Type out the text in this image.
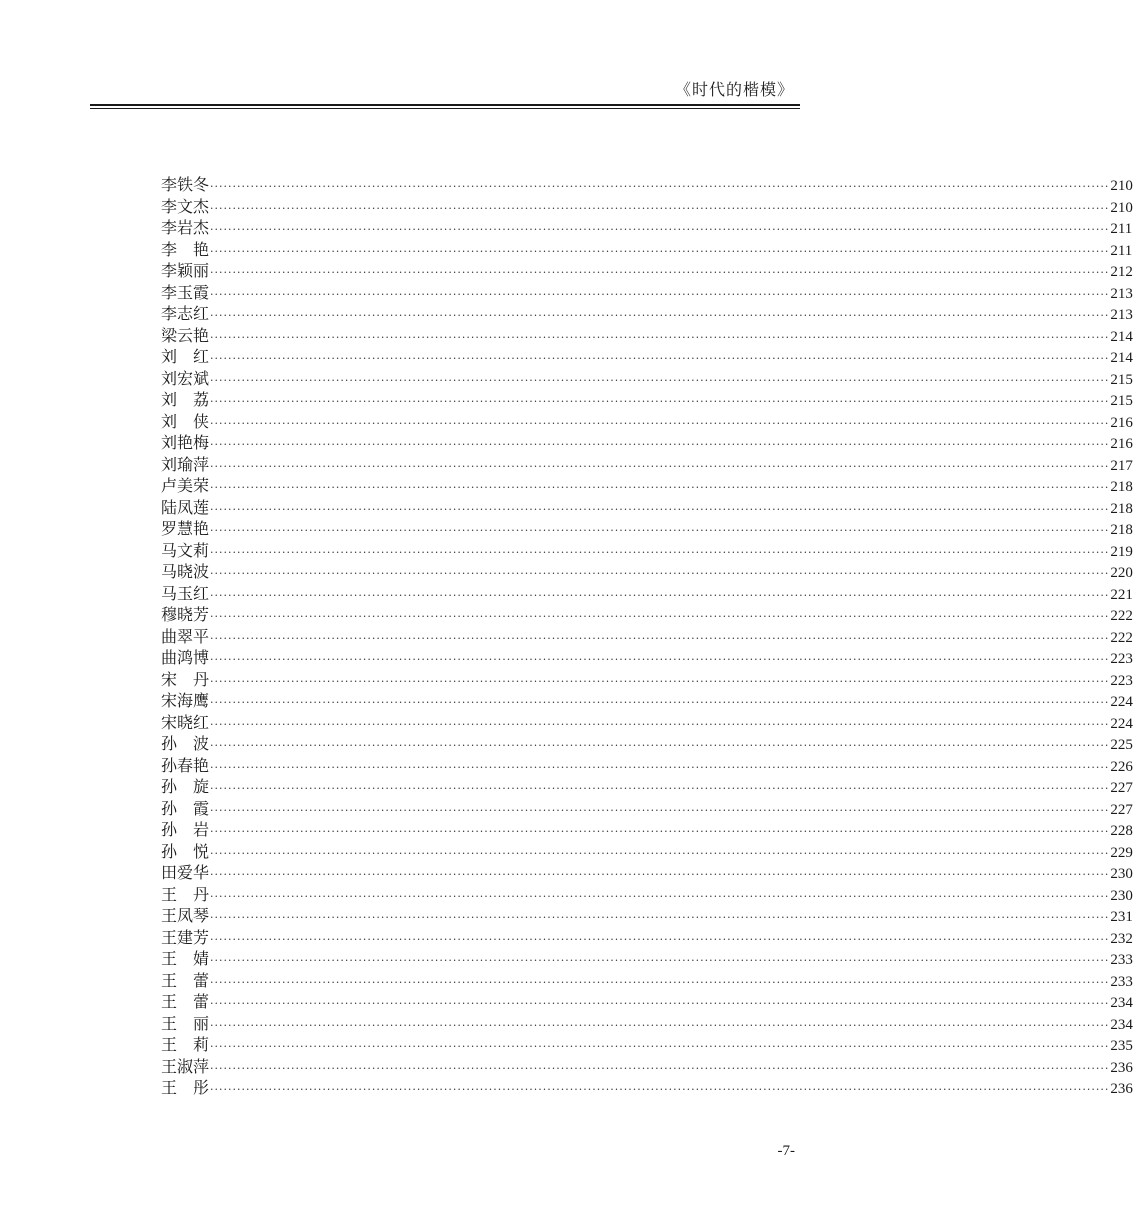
《时代的楷模》
李铁冬 ········································································································································································································ 210
李文杰 ········································································································································································································ 210
李岩杰 ········································································································································································································ 211
李　艳 ········································································································································································································ 211
李颖丽 ········································································································································································································ 212
李玉霞 ········································································································································································································ 213
李志红 ········································································································································································································ 213
梁云艳 ········································································································································································································ 214
刘　红 ········································································································································································································ 214
刘宏斌 ········································································································································································································ 215
刘　荔 ········································································································································································································ 215
刘　侠 ········································································································································································································ 216
刘艳梅 ········································································································································································································ 216
刘瑜萍 ········································································································································································································ 217
卢美荣 ········································································································································································································ 218
陆凤莲 ········································································································································································································ 218
罗慧艳 ········································································································································································································ 218
马文莉 ········································································································································································································ 219
马晓波 ········································································································································································································ 220
马玉红 ········································································································································································································ 221
穆晓芳 ········································································································································································································ 222
曲翠平 ········································································································································································································ 222
曲鸿博 ········································································································································································································ 223
宋　丹 ········································································································································································································ 223
宋海鹰 ········································································································································································································ 224
宋晓红 ········································································································································································································ 224
孙　波 ········································································································································································································ 225
孙春艳 ········································································································································································································ 226
孙　旋 ········································································································································································································ 227
孙　霞 ········································································································································································································ 227
孙　岩 ········································································································································································································ 228
孙　悦 ········································································································································································································ 229
田爱华 ········································································································································································································ 230
王　丹 ········································································································································································································ 230
王凤琴 ········································································································································································································ 231
王建芳 ········································································································································································································ 232
王　婧 ········································································································································································································ 233
王　蕾 ········································································································································································································ 233
王　蕾 ········································································································································································································ 234
王　丽 ········································································································································································································ 234
王　莉 ········································································································································································································ 235
王淑萍 ········································································································································································································ 236
王　彤 ········································································································································································································ 236
-7-
